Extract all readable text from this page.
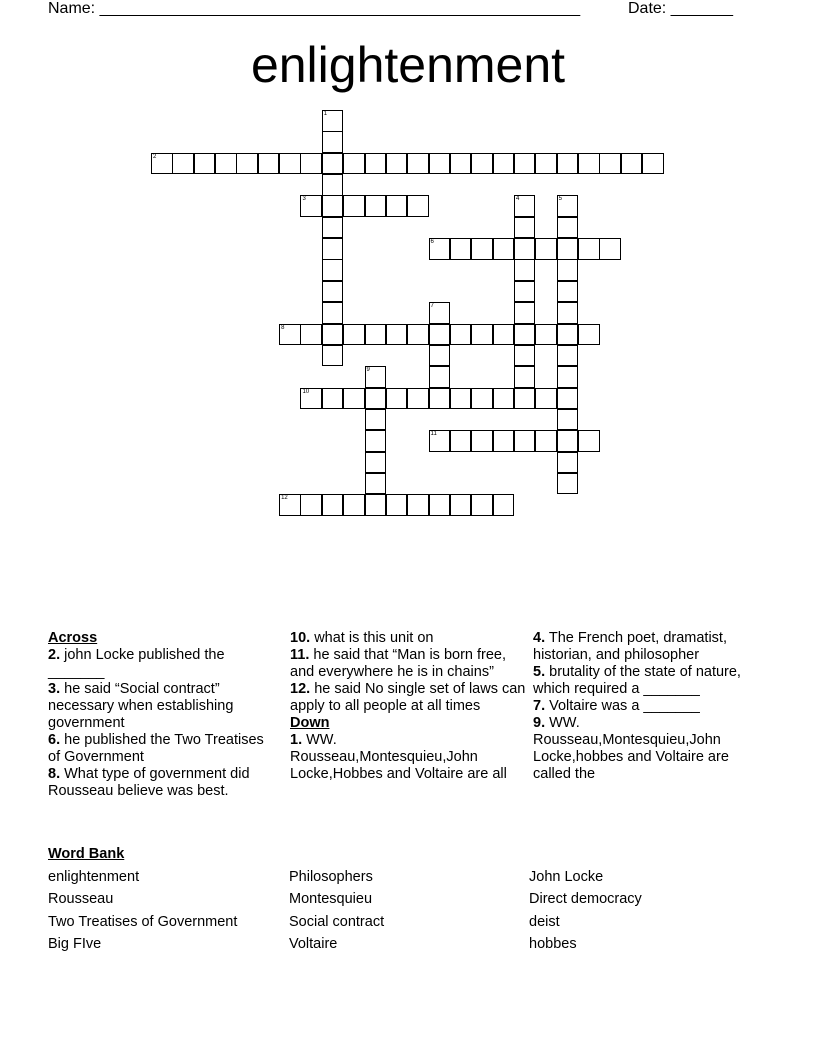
Name: ______________________________________________________	Date: _______
enlightenment
1
2
3	4	5
6
7
8
9
10
11
12
Across
2. john Locke published the _______
3. he said “Social contract” necessary when establishing government
6. he published the Two Treatises of Government
8. What type of government did Rousseau believe was best.
10. what is this unit on
11. he said that “Man is born free, and everywhere he is in chains”
12. he said No single set of laws can apply to all people at all times
Down
1. WW. Rousseau,Montesquieu,John Locke,Hobbes and Voltaire are all
4. The French poet, dramatist, historian, and philosopher
5. brutality of the state of nature, which required a _______
7. Voltaire was a _______
9. WW. Rousseau,Montesquieu,John Locke,hobbes and Voltaire are called the
Word Bank
enlightenment	Philosophers	John Locke
Rousseau	Montesquieu	Direct democracy
Two Treatises of Government	Social contract	deist
Big FIve	Voltaire	hobbes
